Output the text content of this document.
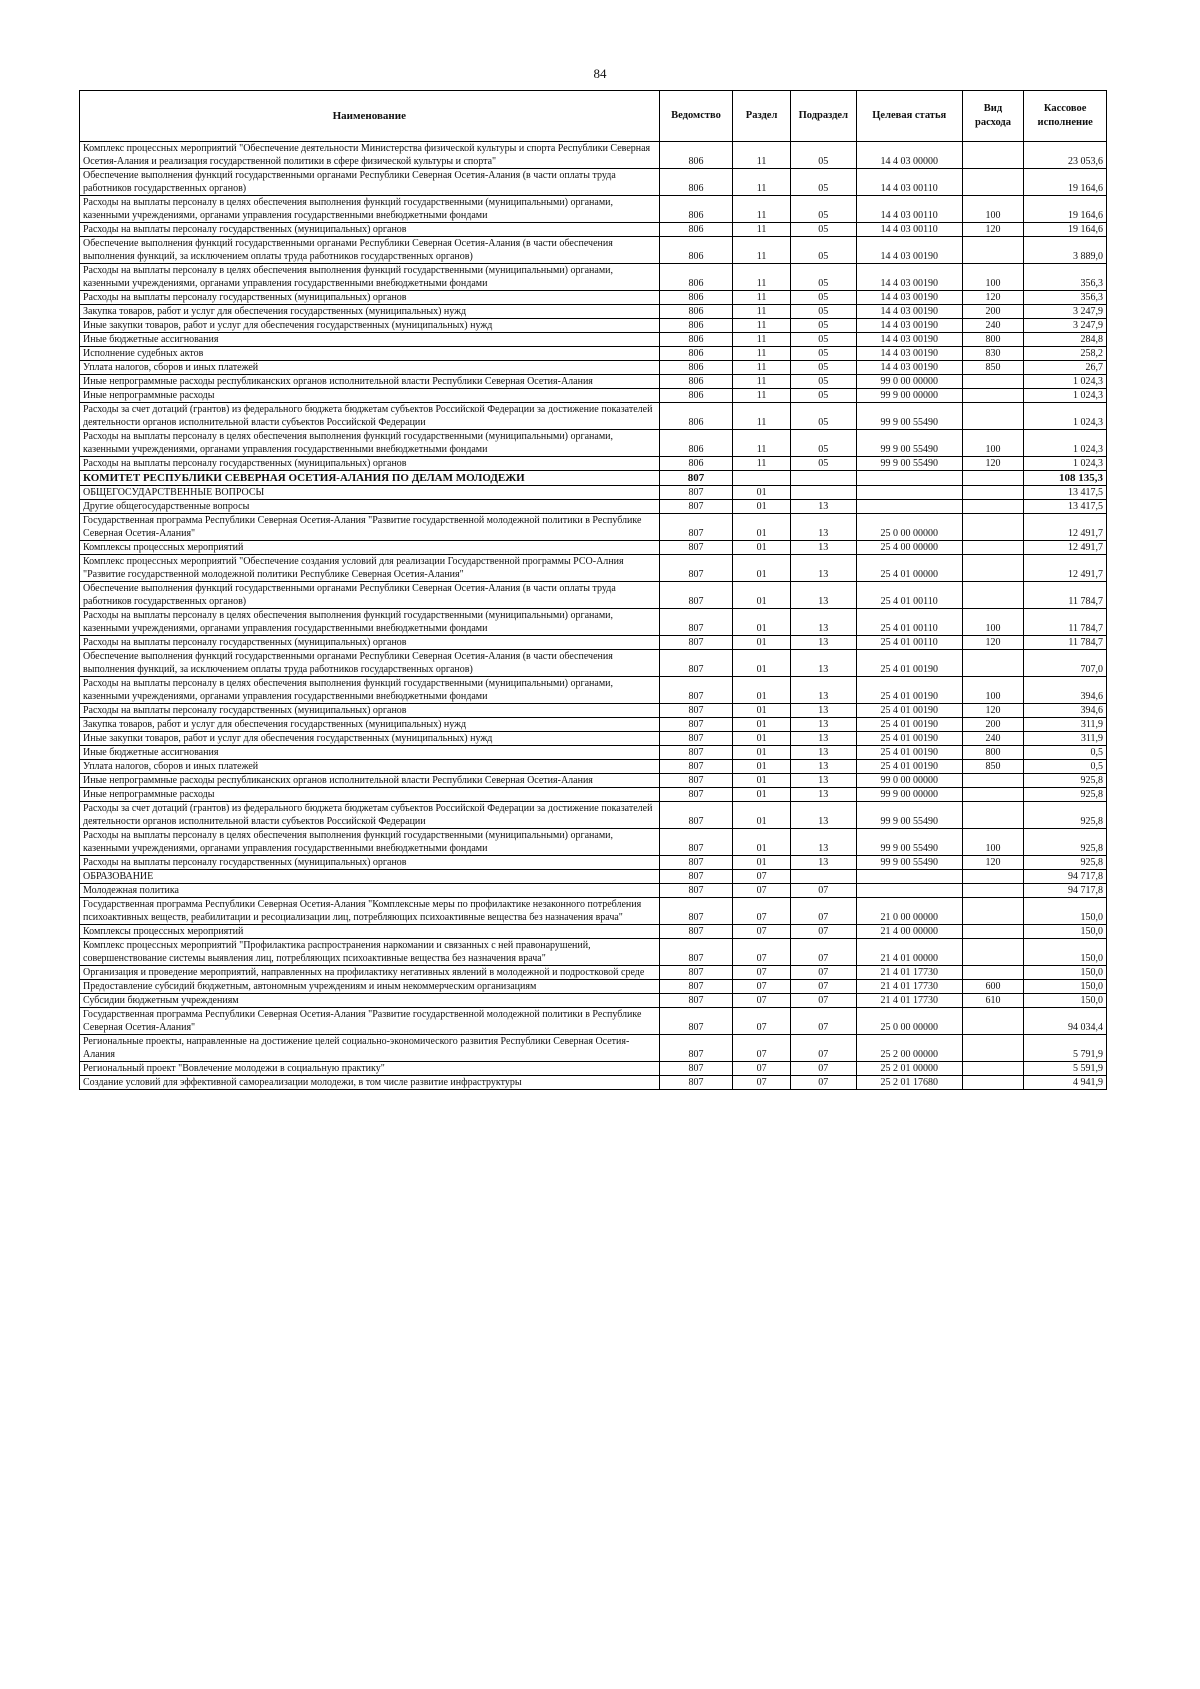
84
Наименование	Ведомство	Раздел	Подраздел	Целевая статья	Вид расхода	Кассовое исполнение
Комплекс процессных мероприятий "Обеспечение деятельности Министерства физической культуры и спорта Республики Северная Осетия-Алания и реализация государственной политики в сфере физической культуры и спорта"	806	11	05	14 4 03 00000		23 053,6
Обеспечение выполнения функций государственными органами Республики Северная Осетия-Алания (в части оплаты труда работников государственных органов)	806	11	05	14 4 03 00110		19 164,6
Расходы на выплаты персоналу в целях обеспечения выполнения функций государственными (муниципальными) органами, казенными учреждениями, органами управления государственными внебюджетными фондами	806	11	05	14 4 03 00110	100	19 164,6
Расходы на выплаты персоналу государственных (муниципальных) органов	806	11	05	14 4 03 00110	120	19 164,6
Обеспечение выполнения функций государственными органами Республики Северная Осетия-Алания (в части обеспечения выполнения функций, за исключением оплаты труда работников государственных органов)	806	11	05	14 4 03 00190		3 889,0
Расходы на выплаты персоналу в целях обеспечения выполнения функций государственными (муниципальными) органами, казенными учреждениями, органами управления государственными внебюджетными фондами	806	11	05	14 4 03 00190	100	356,3
Расходы на выплаты персоналу государственных (муниципальных) органов	806	11	05	14 4 03 00190	120	356,3
Закупка товаров, работ и услуг для обеспечения государственных (муниципальных) нужд	806	11	05	14 4 03 00190	200	3 247,9
Иные закупки товаров, работ и услуг для обеспечения государственных (муниципальных) нужд	806	11	05	14 4 03 00190	240	3 247,9
Иные бюджетные ассигнования	806	11	05	14 4 03 00190	800	284,8
Исполнение судебных актов	806	11	05	14 4 03 00190	830	258,2
Уплата налогов, сборов и иных платежей	806	11	05	14 4 03 00190	850	26,7
Иные непрограммные расходы республиканских органов исполнительной власти Республики Северная Осетия-Алания	806	11	05	99 0 00 00000		1 024,3
Иные непрограммные расходы	806	11	05	99 9 00 00000		1 024,3
Расходы за счет дотаций (грантов) из федерального бюджета бюджетам субъектов Российской Федерации за достижение показателей деятельности органов исполнительной власти субъектов Российской Федерации	806	11	05	99 9 00 55490		1 024,3
Расходы на выплаты персоналу в целях обеспечения выполнения функций государственными (муниципальными) органами, казенными учреждениями, органами управления государственными внебюджетными фондами	806	11	05	99 9 00 55490	100	1 024,3
Расходы на выплаты персоналу государственных (муниципальных) органов	806	11	05	99 9 00 55490	120	1 024,3
КОМИТЕТ РЕСПУБЛИКИ СЕВЕРНАЯ ОСЕТИЯ-АЛАНИЯ ПО ДЕЛАМ МОЛОДЕЖИ	807					108 135,3
ОБЩЕГОСУДАРСТВЕННЫЕ ВОПРОСЫ	807	01				13 417,5
Другие общегосударственные вопросы	807	01	13			13 417,5
Государственная программа Республики Северная Осетия-Алания "Развитие государственной молодежной политики в Республике Северная Осетия-Алания"	807	01	13	25 0 00 00000		12 491,7
Комплексы процессных мероприятий	807	01	13	25 4 00 00000		12 491,7
Комплекс процессных мероприятий "Обеспечение создания условий для реализации Государственной программы РСО-Алния "Развитие государственной молодежной политики Республике Северная Осетия-Алания"	807	01	13	25 4 01 00000		12 491,7
Обеспечение выполнения функций государственными органами Республики Северная Осетия-Алания (в части оплаты труда работников государственных органов)	807	01	13	25 4 01 00110		11 784,7
Расходы на выплаты персоналу в целях обеспечения выполнения функций государственными (муниципальными) органами, казенными учреждениями, органами управления государственными внебюджетными фондами	807	01	13	25 4 01 00110	100	11 784,7
Расходы на выплаты персоналу государственных (муниципальных) органов	807	01	13	25 4 01 00110	120	11 784,7
Обеспечение выполнения функций государственными органами Республики Северная Осетия-Алания (в части обеспечения выполнения функций, за исключением оплаты труда работников государственных органов)	807	01	13	25 4 01 00190		707,0
Расходы на выплаты персоналу в целях обеспечения выполнения функций государственными (муниципальными) органами, казенными учреждениями, органами управления государственными внебюджетными фондами	807	01	13	25 4 01 00190	100	394,6
Расходы на выплаты персоналу государственных (муниципальных) органов	807	01	13	25 4 01 00190	120	394,6
Закупка товаров, работ и услуг для обеспечения государственных (муниципальных) нужд	807	01	13	25 4 01 00190	200	311,9
Иные закупки товаров, работ и услуг для обеспечения государственных (муниципальных) нужд	807	01	13	25 4 01 00190	240	311,9
Иные бюджетные ассигнования	807	01	13	25 4 01 00190	800	0,5
Уплата налогов, сборов и иных платежей	807	01	13	25 4 01 00190	850	0,5
Иные непрограммные расходы республиканских органов исполнительной власти Республики Северная Осетия-Алания	807	01	13	99 0 00 00000		925,8
Иные непрограммные расходы	807	01	13	99 9 00 00000		925,8
Расходы за счет дотаций (грантов) из федерального бюджета бюджетам субъектов Российской Федерации за достижение показателей деятельности органов исполнительной власти субъектов Российской Федерации	807	01	13	99 9 00 55490		925,8
Расходы на выплаты персоналу в целях обеспечения выполнения функций государственными (муниципальными) органами, казенными учреждениями, органами управления государственными внебюджетными фондами	807	01	13	99 9 00 55490	100	925,8
Расходы на выплаты персоналу государственных (муниципальных) органов	807	01	13	99 9 00 55490	120	925,8
ОБРАЗОВАНИЕ	807	07				94 717,8
Молодежная политика	807	07	07			94 717,8
Государственная программа Республики Северная Осетия-Алания "Комплексные меры по профилактике незаконного потребления психоактивных веществ, реабилитации и ресоциализации лиц, потребляющих психоактивные вещества без назначения врача"	807	07	07	21 0 00 00000		150,0
Комплексы процессных мероприятий	807	07	07	21 4 00 00000		150,0
Комплекс процессных мероприятий "Профилактика распространения наркомании и связанных с ней правонарушений, совершенствование системы выявления лиц, потребляющих психоактивные вещества без назначения врача"	807	07	07	21 4 01 00000		150,0
Организация и проведение мероприятий, направленных на профилактику негативных явлений в молодежной и подростковой среде	807	07	07	21 4 01 17730		150,0
Предоставление субсидий бюджетным, автономным учреждениям и иным некоммерческим организациям	807	07	07	21 4 01 17730	600	150,0
Субсидии бюджетным учреждениям	807	07	07	21 4 01 17730	610	150,0
Государственная программа Республики Северная Осетия-Алания "Развитие государственной молодежной политики в Республике Северная Осетия-Алания"	807	07	07	25 0 00 00000		94 034,4
Региональные проекты, направленные на достижение целей социально-экономического развития Республики Северная Осетия-Алания	807	07	07	25 2 00 00000		5 791,9
Региональный проект "Вовлечение молодежи в социальную практику"	807	07	07	25 2 01 00000		5 591,9
Создание условий для эффективной самореализации молодежи, в том числе развитие инфраструктуры	807	07	07	25 2 01 17680		4 941,9
